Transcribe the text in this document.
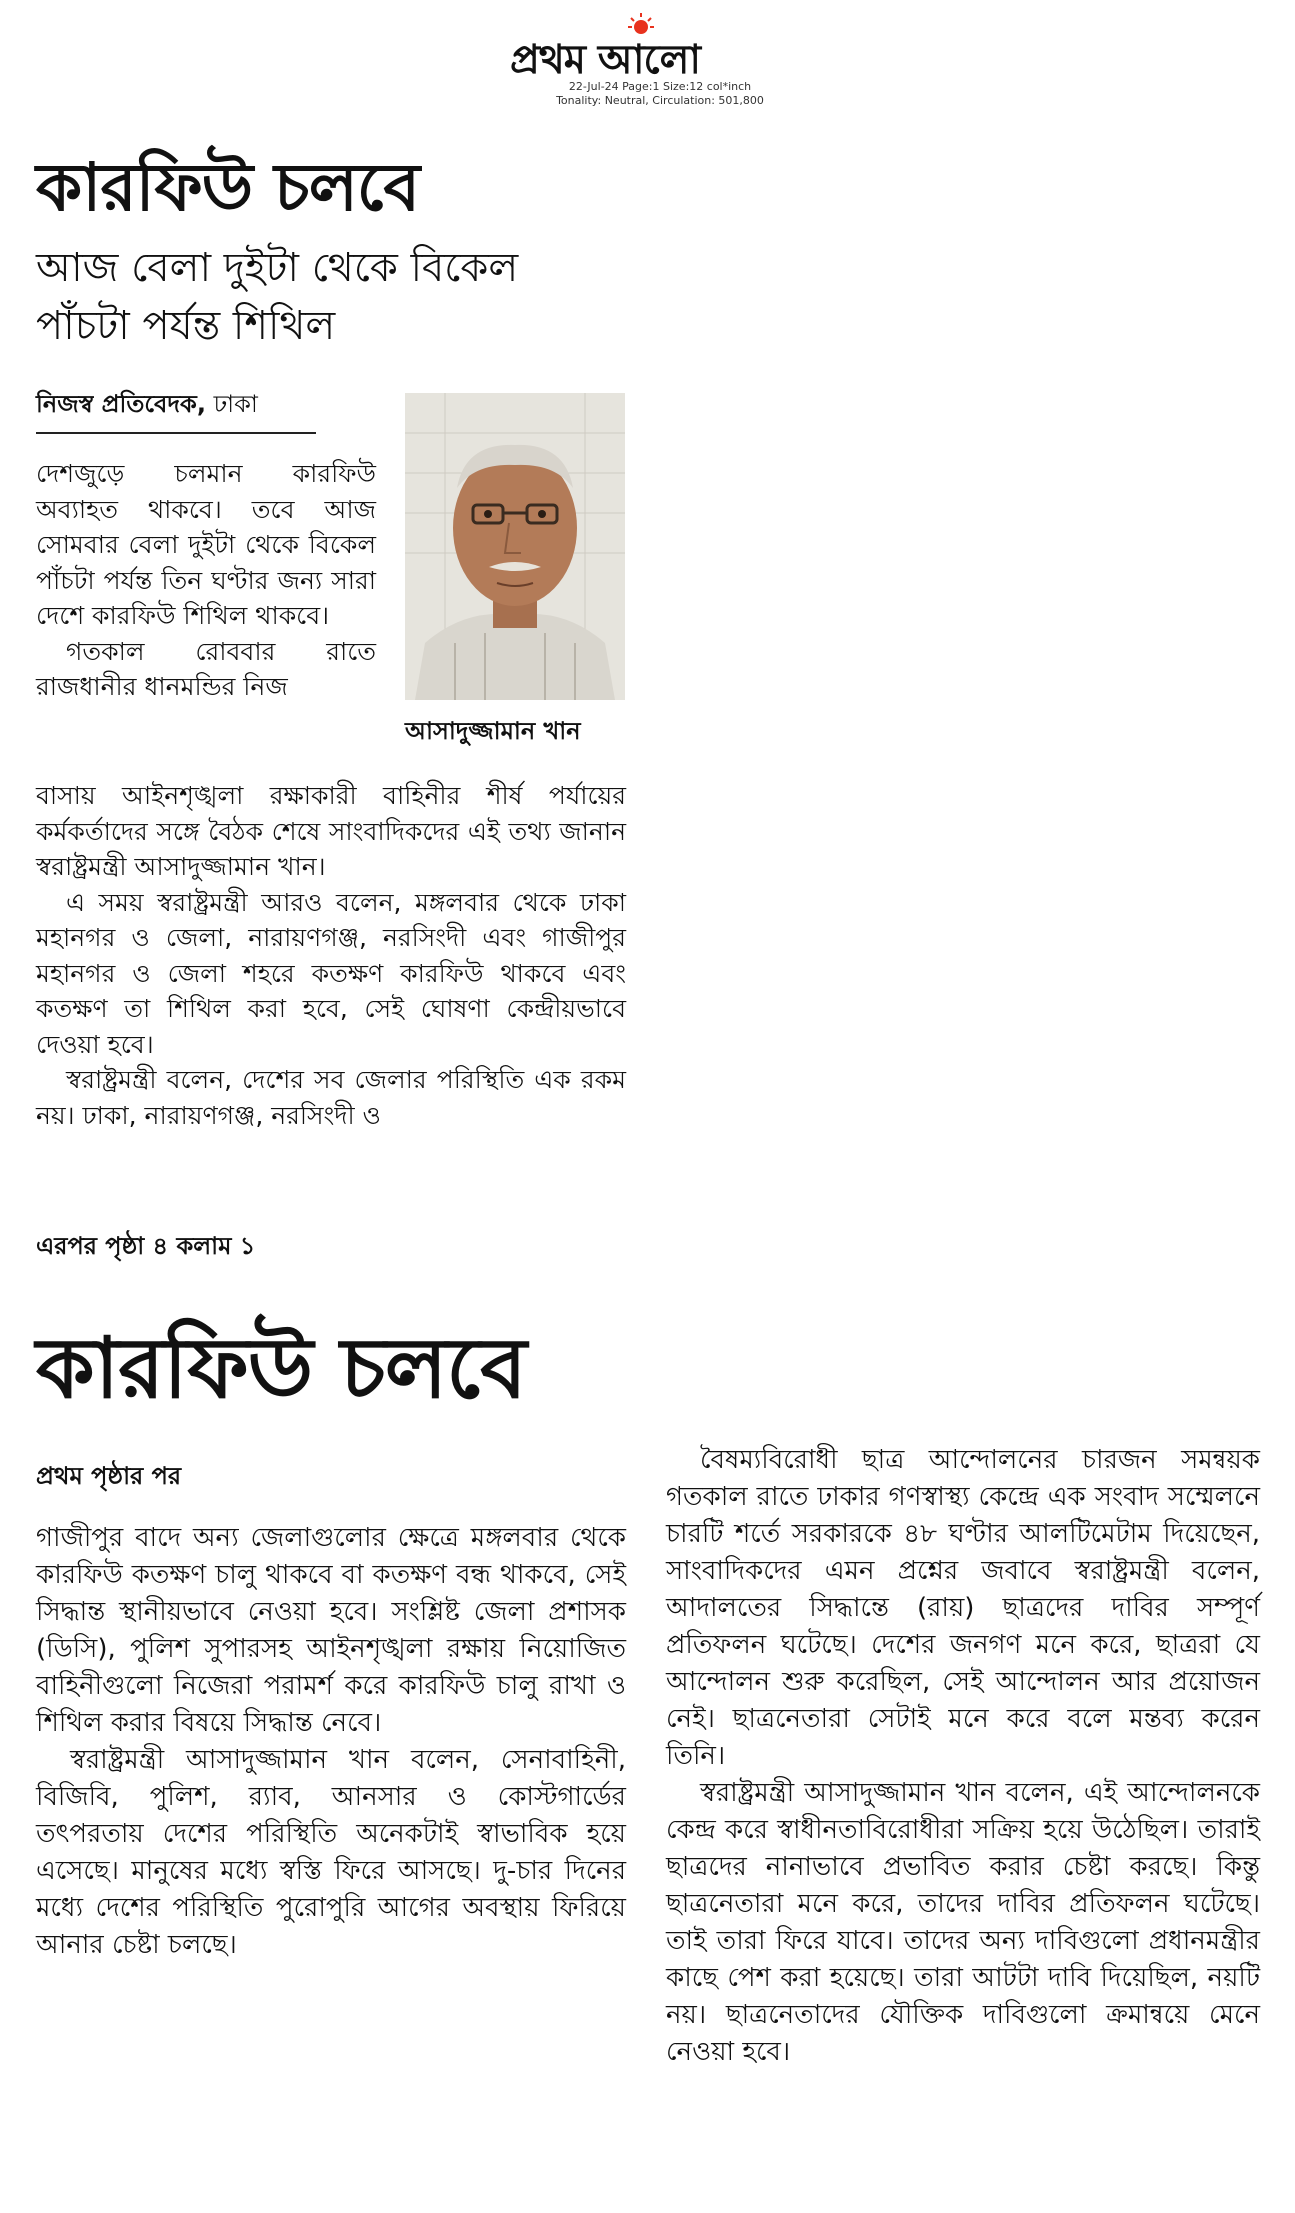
প্রথম আলো
22-Jul-24 Page:1 Size:12 col*inch
Tonality: Neutral, Circulation: 501,800
কারফিউ চলবে
আজ বেলা দুইটা থেকে বিকেল
পাঁচটা পর্যন্ত শিথিল
নিজস্ব প্রতিবেদক, ঢাকা
আসাদুজ্জামান খান

দেশজুড়ে চলমান কারফিউ অব্যাহত থাকবে। তবে আজ সোমবার বেলা দুইটা থেকে বিকেল পাঁচটা পর্যন্ত তিন ঘণ্টার জন্য সারা দেশে কারফিউ শিথিল থাকবে।

গতকাল রোববার রাতে রাজধানীর ধানমন্ডির নিজ

বাসায় আইনশৃঙ্খলা রক্ষাকারী বাহিনীর শীর্ষ পর্যায়ের কর্মকর্তাদের সঙ্গে বৈঠক শেষে সাংবাদিকদের এই তথ্য জানান স্বরাষ্ট্রমন্ত্রী আসাদুজ্জামান খান।

এ সময় স্বরাষ্ট্রমন্ত্রী আরও বলেন, মঙ্গলবার থেকে ঢাকা মহানগর ও জেলা, নারায়ণগঞ্জ, নরসিংদী এবং গাজীপুর মহানগর ও জেলা শহরে কতক্ষণ কারফিউ থাকবে এবং কতক্ষণ তা শিথিল করা হবে, সেই ঘোষণা কেন্দ্রীয়ভাবে দেওয়া হবে।

স্বরাষ্ট্রমন্ত্রী বলেন, দেশের সব জেলার পরিস্থিতি এক রকম নয়। ঢাকা, নারায়ণগঞ্জ, নরসিংদী ও

এরপর পৃষ্ঠা ৪ কলাম ১
কারফিউ চলবে
প্রথম পৃষ্ঠার পর

গাজীপুর বাদে অন্য জেলাগুলোর ক্ষেত্রে মঙ্গলবার থেকে কারফিউ কতক্ষণ চালু থাকবে বা কতক্ষণ বন্ধ থাকবে, সেই সিদ্ধান্ত স্থানীয়ভাবে নেওয়া হবে। সংশ্লিষ্ট জেলা প্রশাসক (ডিসি), পুলিশ সুপারসহ আইনশৃঙ্খলা রক্ষায় নিয়োজিত বাহিনীগুলো নিজেরা পরামর্শ করে কারফিউ চালু রাখা ও শিথিল করার বিষয়ে সিদ্ধান্ত নেবে।

স্বরাষ্ট্রমন্ত্রী আসাদুজ্জামান খান বলেন, সেনাবাহিনী, বিজিবি, পুলিশ, র‍্যাব, আনসার ও কোস্টগার্ডের তৎপরতায় দেশের পরিস্থিতি অনেকটাই স্বাভাবিক হয়ে এসেছে। মানুষের মধ্যে স্বস্তি ফিরে আসছে। দু-চার দিনের মধ্যে দেশের পরিস্থিতি পুরোপুরি আগের অবস্থায় ফিরিয়ে আনার চেষ্টা চলছে।

বৈষম্যবিরোধী ছাত্র আন্দোলনের চারজন সমন্বয়ক গতকাল রাতে ঢাকার গণস্বাস্থ্য কেন্দ্রে এক সংবাদ সম্মেলনে চারটি শর্তে সরকারকে ৪৮ ঘণ্টার আলটিমেটাম দিয়েছেন, সাংবাদিকদের এমন প্রশ্নের জবাবে স্বরাষ্ট্রমন্ত্রী বলেন, আদালতের সিদ্ধান্তে (রায়) ছাত্রদের দাবির সম্পূর্ণ প্রতিফলন ঘটেছে। দেশের জনগণ মনে করে, ছাত্ররা যে আন্দোলন শুরু করেছিল, সেই আন্দোলন আর প্রয়োজন নেই। ছাত্রনেতারা সেটাই মনে করে বলে মন্তব্য করেন তিনি।

স্বরাষ্ট্রমন্ত্রী আসাদুজ্জামান খান বলেন, এই আন্দোলনকে কেন্দ্র করে স্বাধীনতাবিরোধীরা সক্রিয় হয়ে উঠেছিল। তারাই ছাত্রদের নানাভাবে প্রভাবিত করার চেষ্টা করছে। কিন্তু ছাত্রনেতারা মনে করে, তাদের দাবির প্রতিফলন ঘটেছে। তাই তারা ফিরে যাবে। তাদের অন্য দাবিগুলো প্রধানমন্ত্রীর কাছে পেশ করা হয়েছে। তারা আটটা দাবি দিয়েছিল, নয়টি নয়। ছাত্রনেতাদের যৌক্তিক দাবিগুলো ক্রমান্বয়ে মেনে নেওয়া হবে।
